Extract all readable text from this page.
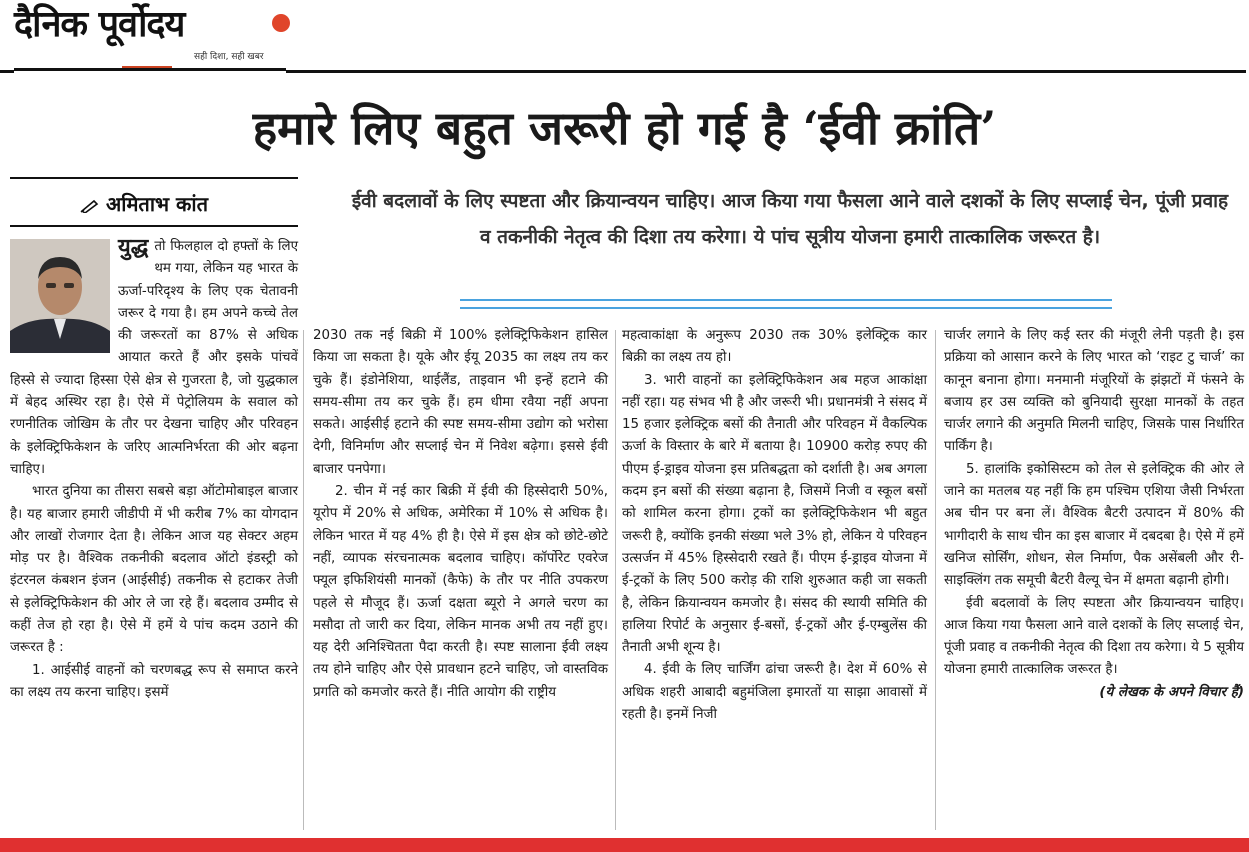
दैनिक पूर्वोदय
सही दिशा, सही खबर
हमारे लिए बहुत जरूरी हो गई है ‘ईवी क्रांति’
अमिताभ कांत	ईवी बदलावों के लिए स्पष्टता और क्रियान्वयन चाहिए। आज किया गया फैसला आने वाले दशकों के लिए सप्लाई चेन, पूंजी प्रवाह व तकनीकी नेतृत्व की दिशा तय करेगा। ये पांच सूत्रीय योजना हमारी तात्कालिक जरूरत है।

युद्ध तो फिलहाल दो हफ्तों के लिए थम गया, लेकिन यह भारत के ऊर्जा-परिदृश्य के लिए एक चेतावनी जरूर दे गया है। हम अपने कच्चे तेल की जरूरतों का 87% से अधिक आयात करते हैं और इसके पांचवें हिस्से से ज्यादा हिस्सा ऐसे क्षेत्र से गुजरता है, जो युद्धकाल में बेहद अस्थिर रहा है। ऐसे में पेट्रोलियम के सवाल को रणनीतिक जोखिम के तौर पर देखना चाहिए और परिवहन के इलेक्ट्रिफिकेशन के जरिए आत्मनिर्भरता की ओर बढ़ना चाहिए।

भारत दुनिया का तीसरा सबसे बड़ा ऑटोमोबाइल बाजार है। यह बाजार हमारी जीडीपी में भी करीब 7% का योगदान और लाखों रोजगार देता है। लेकिन आज यह सेक्टर अहम मोड़ पर है। वैश्विक तकनीकी बदलाव ऑटो इंडस्ट्री को इंटरनल कंबशन इंजन (आईसीई) तकनीक से हटाकर तेजी से इलेक्ट्रिफिकेशन की ओर ले जा रहे हैं। बदलाव उम्मीद से कहीं तेज हो रहा है। ऐसे में हमें ये पांच कदम उठाने की जरूरत है :

1. आईसीई वाहनों को चरणबद्ध रूप से समाप्त करने का लक्ष्य तय करना चाहिए। इसमें

2030 तक नई बिक्री में 100% इलेक्ट्रिफिकेशन हासिल किया जा सकता है। यूके और ईयू 2035 का लक्ष्य तय कर चुके हैं। इंडोनेशिया, थाईलैंड, ताइवान भी इन्हें हटाने की समय-सीमा तय कर चुके हैं। हम धीमा रवैया नहीं अपना सकते। आईसीई हटाने की स्पष्ट समय-सीमा उद्योग को भरोसा देगी, विनिर्माण और सप्लाई चेन में निवेश बढ़ेगा। इससे ईवी बाजार पनपेगा।

2. चीन में नई कार बिक्री में ईवी की हिस्सेदारी 50%, यूरोप में 20% से अधिक, अमेरिका में 10% से अधिक है। लेकिन भारत में यह 4% ही है। ऐसे में इस क्षेत्र को छोटे-छोटे नहीं, व्यापक संरचनात्मक बदलाव चाहिए। कॉर्पोरेट एवरेज फ्यूल इफिशियंसी मानकों (कैफे) के तौर पर नीति उपकरण पहले से मौजूद हैं। ऊर्जा दक्षता ब्यूरो ने अगले चरण का मसौदा तो जारी कर दिया, लेकिन मानक अभी तय नहीं हुए। यह देरी अनिश्चितता पैदा करती है। स्पष्ट सालाना ईवी लक्ष्य तय होने चाहिए और ऐसे प्रावधान हटने चाहिए, जो वास्तविक प्रगति को कमजोर करते हैं। नीति आयोग की राष्ट्रीय

महत्वाकांक्षा के अनुरूप 2030 तक 30% इलेक्ट्रिक कार बिक्री का लक्ष्य तय हो।

3. भारी वाहनों का इलेक्ट्रिफिकेशन अब महज आकांक्षा नहीं रहा। यह संभव भी है और जरूरी भी। प्रधानमंत्री ने संसद में 15 हजार इलेक्ट्रिक बसों की तैनाती और परिवहन में वैकल्पिक ऊर्जा के विस्तार के बारे में बताया है। 10900 करोड़ रुपए की पीएम ई-ड्राइव योजना इस प्रतिबद्धता को दर्शाती है। अब अगला कदम इन बसों की संख्या बढ़ाना है, जिसमें निजी व स्कूल बसों को शामिल करना होगा। ट्रकों का इलेक्ट्रिफिकेशन भी बहुत जरूरी है, क्योंकि इनकी संख्या भले 3% हो, लेकिन ये परिवहन उत्सर्जन में 45% हिस्सेदारी रखते हैं। पीएम ई-ड्राइव योजना में ई-ट्रकों के लिए 500 करोड़ की राशि शुरुआत कही जा सकती है, लेकिन क्रियान्वयन कमजोर है। संसद की स्थायी समिति की हालिया रिपोर्ट के अनुसार ई-बसों, ई-ट्रकों और ई-एम्बुलेंस की तैनाती अभी शून्य है।

4. ईवी के लिए चार्जिंग ढांचा जरूरी है। देश में 60% से अधिक शहरी आबादी बहुमंजिला इमारतों या साझा आवासों में रहती है। इनमें निजी

चार्जर लगाने के लिए कई स्तर की मंजूरी लेनी पड़ती है। इस प्रक्रिया को आसान करने के लिए भारत को ‘राइट टु चार्ज’ का कानून बनाना होगा। मनमानी मंजूरियों के झंझटों में फंसने के बजाय हर उस व्यक्ति को बुनियादी सुरक्षा मानकों के तहत चार्जर लगाने की अनुमति मिलनी चाहिए, जिसके पास निर्धारित पार्किंग है।

5. हालांकि इकोसिस्टम को तेल से इलेक्ट्रिक की ओर ले जाने का मतलब यह नहीं कि हम पश्चिम एशिया जैसी निर्भरता अब चीन पर बना लें। वैश्विक बैटरी उत्पादन में 80% की भागीदारी के साथ चीन का इस बाजार में दबदबा है। ऐसे में हमें खनिज सोर्सिंग, शोधन, सेल निर्माण, पैक असेंबली और री-साइक्लिंग तक समूची बैटरी वैल्यू चेन में क्षमता बढ़ानी होगी।

ईवी बदलावों के लिए स्पष्टता और क्रियान्वयन चाहिए। आज किया गया फैसला आने वाले दशकों के लिए सप्लाई चेन, पूंजी प्रवाह व तकनीकी नेतृत्व की दिशा तय करेगा। ये 5 सूत्रीय योजना हमारी तात्कालिक जरूरत है।

(ये लेखक के अपने विचार हैं)
